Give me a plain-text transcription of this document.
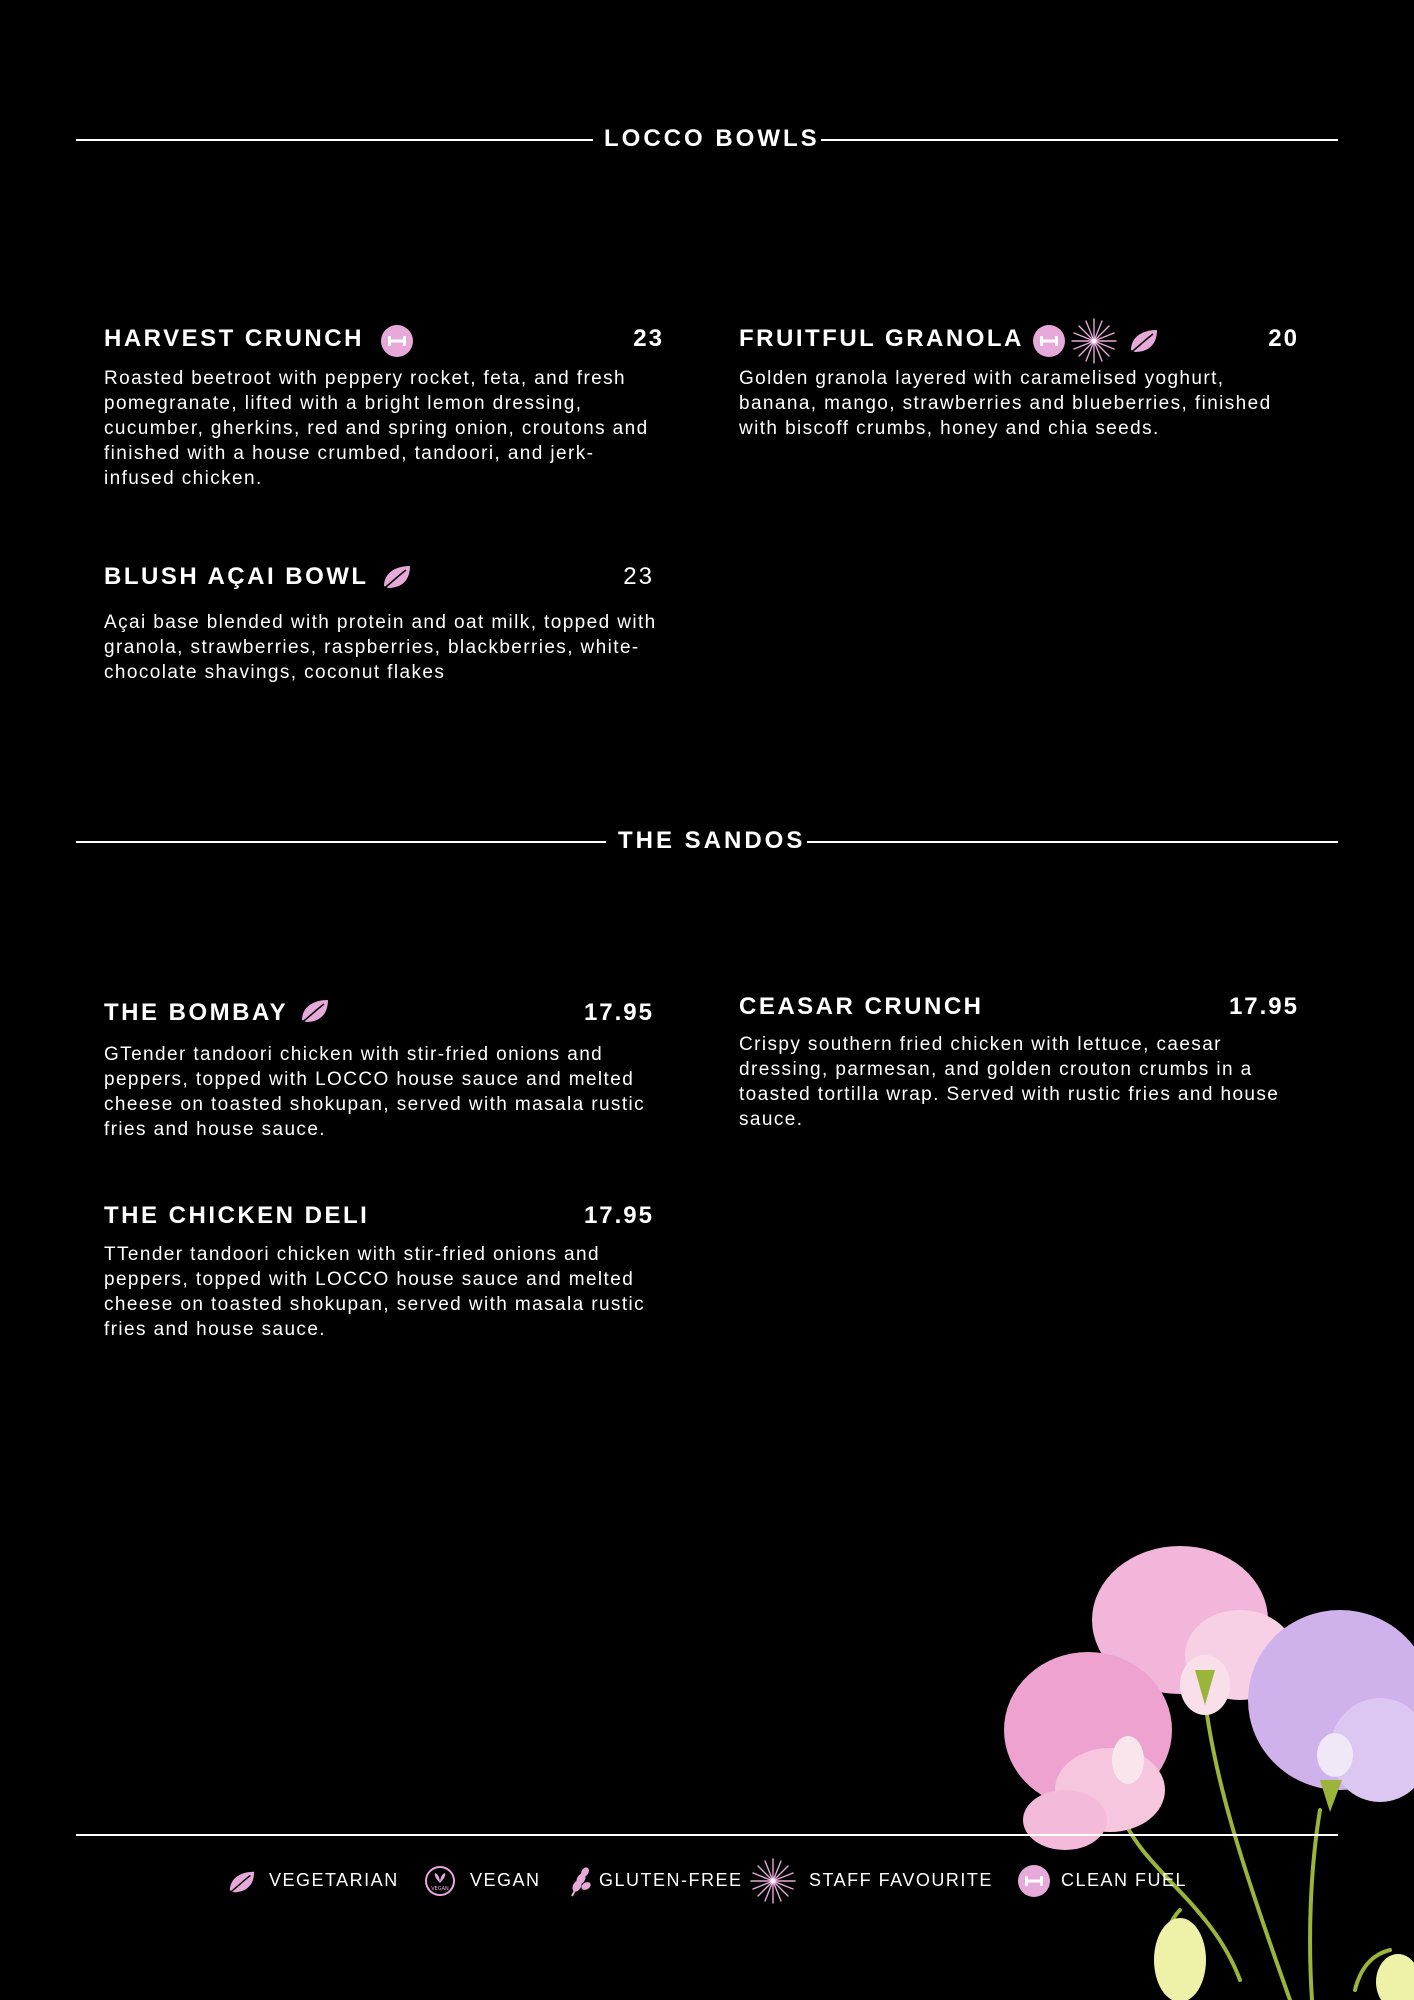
LOCCO BOWLS
HARVEST CRUNCH	23
Roasted beetroot with peppery rocket, feta, and fresh pomegranate, lifted with a bright lemon dressing, cucumber, gherkins, red and spring onion, croutons and finished with a house crumbed, tandoori, and jerk-infused chicken.
FRUITFUL GRANOLA	20
Golden granola layered with caramelised yoghurt, banana, mango, strawberries and blueberries, finished with biscoff crumbs, honey and chia seeds.
BLUSH AÇAI BOWL	23
Açai base blended with protein and oat milk, topped with granola, strawberries, raspberries, blackberries, white-chocolate shavings, coconut flakes
THE SANDOS
THE BOMBAY	17.95
GTender tandoori chicken with stir-fried onions and peppers, topped with LOCCO house sauce and melted cheese on toasted shokupan, served with masala rustic fries and house sauce.
CEASAR CRUNCH	17.95
Crispy southern fried chicken with lettuce, caesar dressing, parmesan, and golden crouton crumbs in a toasted tortilla wrap. Served with rustic fries and house sauce.
THE CHICKEN DELI	17.95
TTender tandoori chicken with stir-fried onions and peppers, topped with LOCCO house sauce and melted cheese on toasted shokupan, served with masala rustic fries and house sauce.
VEGETARIAN	VEGAN VEGAN	GLUTEN-FREE	STAFF FAVOURITE	CLEAN FUEL
